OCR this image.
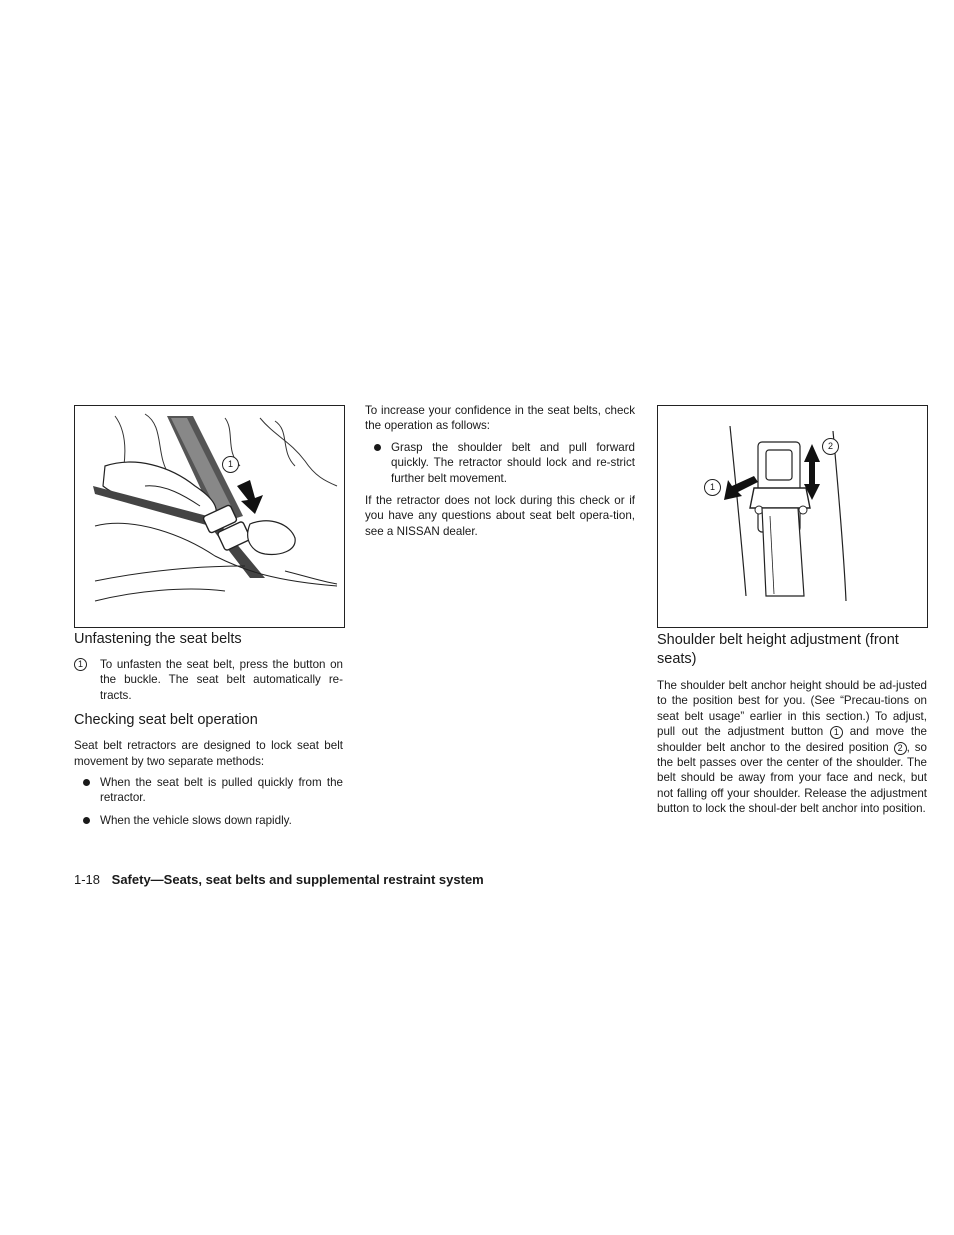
1
Unfastening the seat belts
1	To unfasten the seat belt, press the button on the buckle. The seat belt automatically re-tracts.
Checking seat belt operation

Seat belt retractors are designed to lock seat belt movement by two separate methods:

When the seat belt is pulled quickly from the retractor.
When the vehicle slows down rapidly.

To increase your confidence in the seat belts, check the operation as follows:

Grasp the shoulder belt and pull forward quickly. The retractor should lock and re-strict further belt movement.

If the retractor does not lock during this check or if you have any questions about seat belt opera-tion, see a NISSAN dealer.

1
2
Shoulder belt height adjustment (front seats)

The shoulder belt anchor height should be ad-justed to the position best for you. (See “Precau-tions on seat belt usage” earlier in this section.) To adjust, pull out the adjustment button 1 and move the shoulder belt anchor to the desired position 2 , so the belt passes over the center of the shoulder. The belt should be away from your face and neck, but not falling off your shoulder. Release the adjustment button to lock the shoul-der belt anchor into position.

1-18 Safety—Seats, seat belts and supplemental restraint system
